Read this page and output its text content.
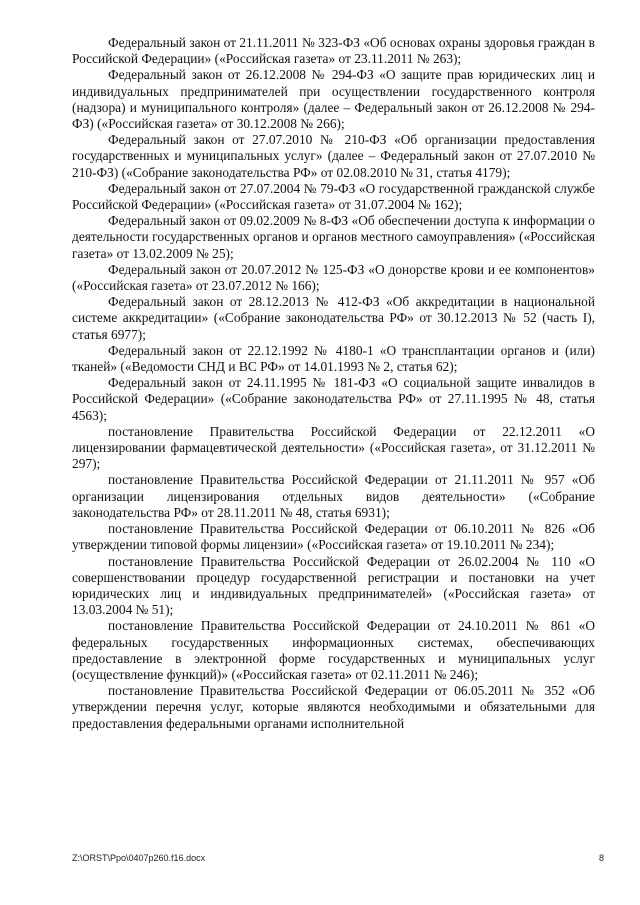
Федеральный закон от 21.11.2011 № 323-ФЗ «Об основах охраны здоровья граждан в Российской Федерации» («Российская газета» от 23.11.2011 № 263);

Федеральный закон от 26.12.2008 № 294-ФЗ «О защите прав юридических лиц и индивидуальных предпринимателей при осуществлении государственного контроля (надзора) и муниципального контроля» (далее – Федеральный закон от 26.12.2008 № 294-ФЗ) («Российская газета» от 30.12.2008 № 266);

Федеральный закон от 27.07.2010 № 210-ФЗ «Об организации предоставления государственных и муниципальных услуг» (далее – Федеральный закон от 27.07.2010 № 210-ФЗ) («Собрание законодательства РФ» от 02.08.2010 № 31, статья 4179);

Федеральный закон от 27.07.2004 № 79-ФЗ «О государственной гражданской службе Российской Федерации» («Российская газета» от 31.07.2004 № 162);

Федеральный закон от 09.02.2009 № 8-ФЗ «Об обеспечении доступа к информации о деятельности государственных органов и органов местного самоуправления» («Российская газета» от 13.02.2009 № 25);

Федеральный закон от 20.07.2012 № 125-ФЗ «О донорстве крови и ее компонентов» («Российская газета» от 23.07.2012 № 166);

Федеральный закон от 28.12.2013 № 412-ФЗ «Об аккредитации в национальной системе аккредитации» («Собрание законодательства РФ» от 30.12.2013 № 52 (часть I), статья 6977);

Федеральный закон от 22.12.1992 № 4180-1 «О трансплантации органов и (или) тканей» («Ведомости СНД и ВС РФ» от 14.01.1993 № 2, статья 62);

Федеральный закон от 24.11.1995 № 181-ФЗ «О социальной защите инвалидов в Российской Федерации» («Собрание законодательства РФ» от 27.11.1995 № 48, статья 4563);

постановление Правительства Российской Федерации от 22.12.2011 «О лицензировании фармацевтической деятельности» («Российская газета», от 31.12.2011 № 297);

постановление Правительства Российской Федерации от 21.11.2011 № 957 «Об организации лицензирования отдельных видов деятельности» («Собрание законодательства РФ» от 28.11.2011 № 48, статья 6931);

постановление Правительства Российской Федерации от 06.10.2011 № 826 «Об утверждении типовой формы лицензии» («Российская газета» от 19.10.2011 № 234);

постановление Правительства Российской Федерации от 26.02.2004 № 110 «О совершенствовании процедур государственной регистрации и постановки на учет юридических лиц и индивидуальных предпринимателей» («Российская газета» от 13.03.2004 № 51);

постановление Правительства Российской Федерации от 24.10.2011 № 861 «О федеральных государственных информационных системах, обеспечивающих предоставление в электронной форме государственных и муниципальных услуг (осуществление функций)» («Российская газета» от 02.11.2011 № 246);

постановление Правительства Российской Федерации от 06.05.2011 № 352 «Об утверждении перечня услуг, которые являются необходимыми и обязательными для предоставления федеральными органами исполнительной

Z:\ORST\Ppo\0407p260.f16.docx	8
